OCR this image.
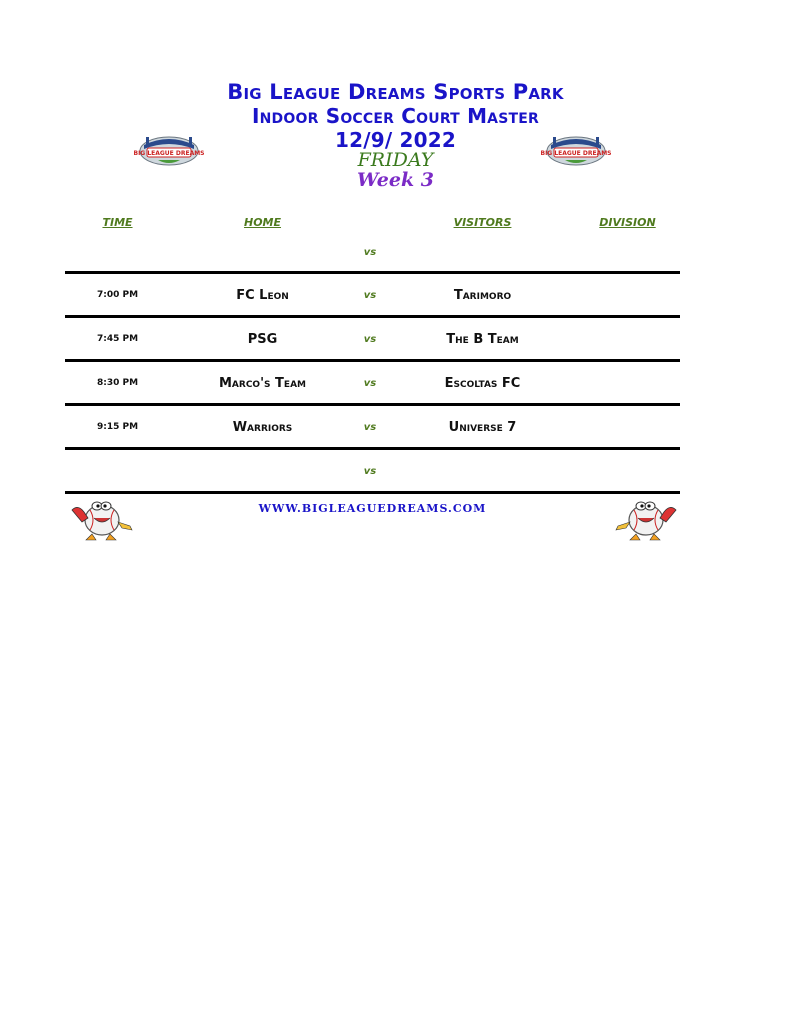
Big League Dreams Sports Park
Indoor Soccer Court Master
12/9/ 2022
FRIDAY
Week 3
BIG LEAGUE DREAMS	BIG LEAGUE DREAMS
TIME	HOME	VISITORS	DIVISION
vs
7:00 PM	FC Leon	vs	Tarimoro
7:45 PM	PSG	vs	The B Team
8:30 PM	Marco's Team	vs	Escoltas FC
9:15 PM	Warriors	vs	Universe 7
vs
WWW.BIGLEAGUEDREAMS.COM
